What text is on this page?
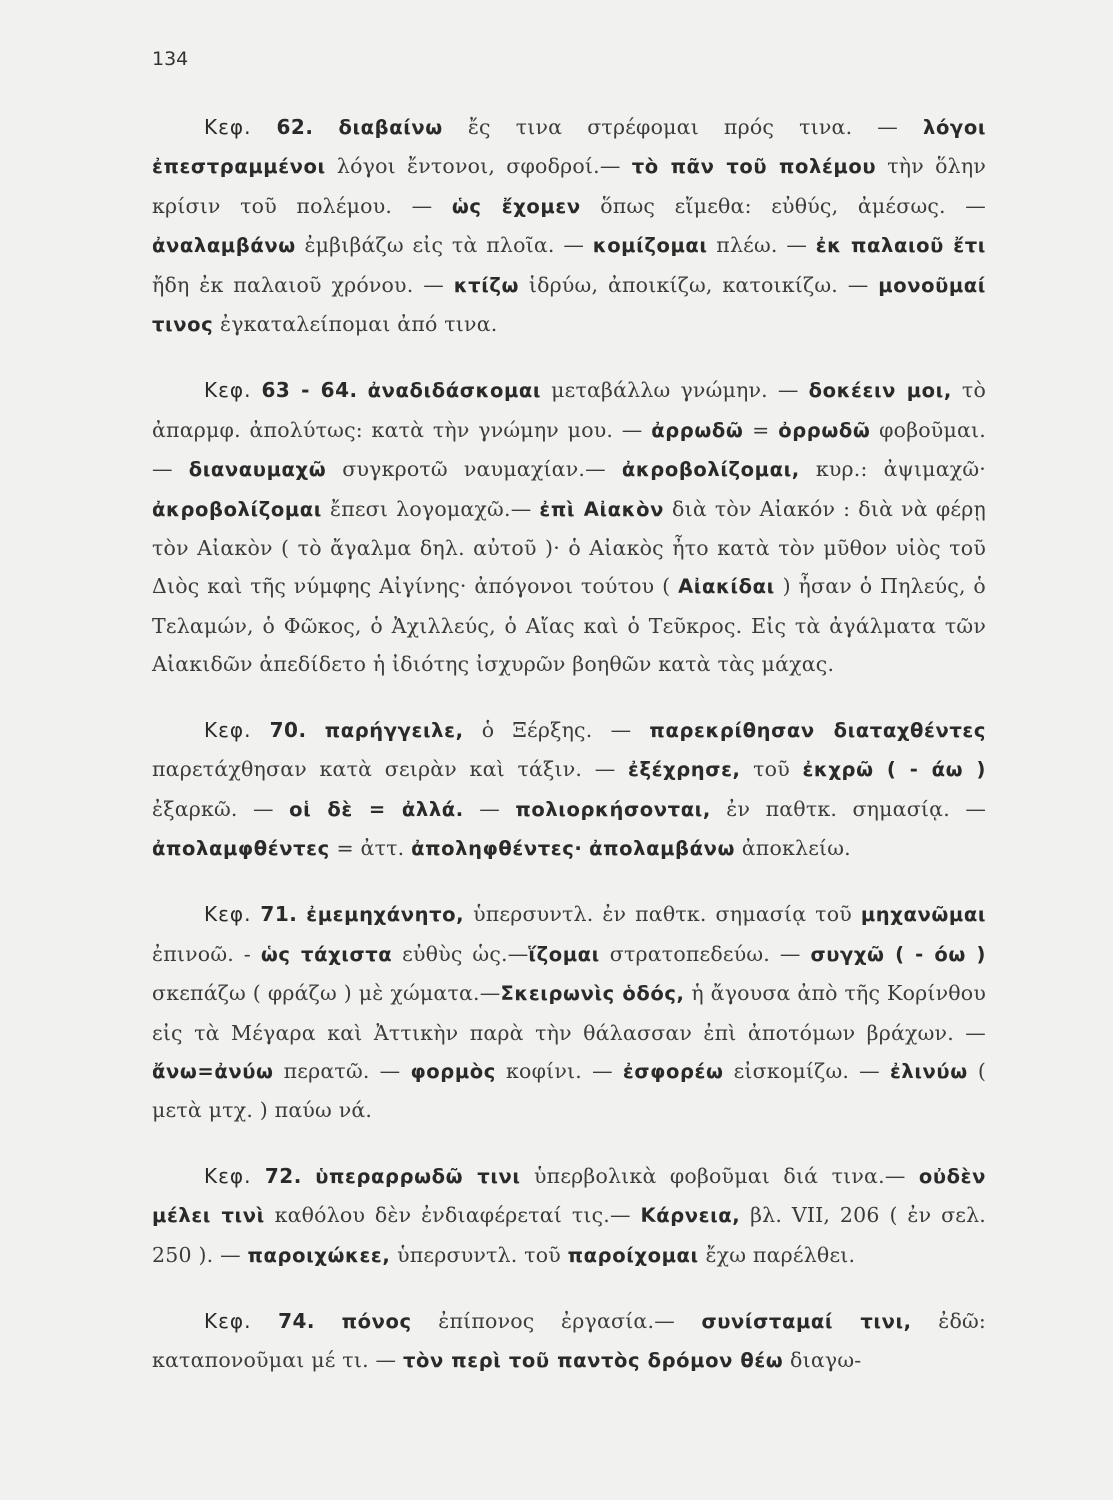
134

Κεφ. 62. διαβαίνω ἔς τινα στρέφομαι πρός τινα. — λόγοι ἐπεστραμμένοι λόγοι ἔντονοι, σφοδροί.— τὸ πᾶν τοῦ πολέμου τὴν ὅλην κρίσιν τοῦ πολέμου. — ὡς ἔχομεν ὅπως εἴμεθα: εὐθύς, ἀμέσως. — ἀναλαμβάνω ἐμβιβάζω εἰς τὰ πλοῖα. — κομίζομαι πλέω. — ἐκ παλαιοῦ ἔτι ἤδη ἐκ παλαιοῦ χρόνου. — κτίζω ἱδρύω, ἀποικίζω, κατοικίζω. — μονοῦμαί τινος ἐγκαταλείπομαι ἀπό τινα.

Κεφ. 63 - 64. ἀναδιδάσκομαι μεταβάλλω γνώμην. — δοκέειν μοι, τὸ ἀπαρμφ. ἀπολύτως: κατὰ τὴν γνώμην μου. — ἀρρωδῶ = ὀρρωδῶ φοβοῦμαι. — διαναυμαχῶ συγκροτῶ ναυμαχίαν.— ἀκροβολίζομαι, κυρ.: ἀψιμαχῶ· ἀκροβολίζομαι ἔπεσι λογομαχῶ.— ἐπὶ Αἰακὸν διὰ τὸν Αἰακόν : διὰ νὰ φέρῃ τὸν Αἰακὸν ( τὸ ἄγαλμα δηλ. αὐτοῦ )· ὁ Αἰακὸς ἦτο κατὰ τὸν μῦθον υἱὸς τοῦ Διὸς καὶ τῆς νύμφης Αἰγίνης· ἀπόγονοι τούτου ( Αἰακίδαι ) ἦσαν ὁ Πηλεύς, ὁ Τελαμών, ὁ Φῶκος, ὁ Ἀχιλλεύς, ὁ Αἴας καὶ ὁ Τεῦκρος. Εἰς τὰ ἀγάλματα τῶν Αἰακιδῶν ἀπεδίδετο ἡ ἰδιότης ἰσχυρῶν βοηθῶν κατὰ τὰς μάχας.

Κεφ. 70. παρήγγειλε, ὁ Ξέρξης. — παρεκρίθησαν διαταχθέντες παρετάχθησαν κατὰ σειρὰν καὶ τάξιν. — ἐξέχρησε, τοῦ ἐκχρῶ ( - άω ) ἐξαρκῶ. — οἱ δὲ = ἀλλά. — πολιορκήσονται, ἐν παθτκ. σημασίᾳ. — ἀπολαμφθέντες = ἀττ. ἀποληφθέντες· ἀπολαμβάνω ἀποκλείω.

Κεφ. 71. ἐμεμηχάνητο, ὑπερσυντλ. ἐν παθτκ. σημασίᾳ τοῦ μηχανῶμαι ἐπινοῶ. - ὡς τάχιστα εὐθὺς ὡς.—ἵζομαι στρατοπεδεύω. — συγχῶ ( - όω ) σκεπάζω ( φράζω ) μὲ χώματα.—Σκειρωνὶς ὁδός, ἡ ἄγουσα ἀπὸ τῆς Κορίνθου εἰς τὰ Μέγαρα καὶ Ἀττικὴν παρὰ τὴν θάλασσαν ἐπὶ ἀποτόμων βράχων. — ἄνω=ἀνύω περατῶ. — φορμὸς κοφίνι. — ἐσφορέω εἰσκομίζω. — ἐλινύω ( μετὰ μτχ. ) παύω νά.

Κεφ. 72. ὑπεραρρωδῶ τινι ὑπερβολικὰ φοβοῦμαι διά τινα.— οὐδὲν μέλει τινὶ καθόλου δὲν ἐνδιαφέρεταί τις.— Κάρνεια, βλ. VII, 206 ( ἐν σελ. 250 ). — παροιχώκεε, ὑπερσυντλ. τοῦ παροίχομαι ἔχω παρέλθει.

Κεφ. 74. πόνος ἐπίπονος ἐργασία.— συνίσταμαί τινι, ἐδῶ: καταπονοῦμαι μέ τι. — τὸν περὶ τοῦ παντὸς δρόμον θέω διαγω-
